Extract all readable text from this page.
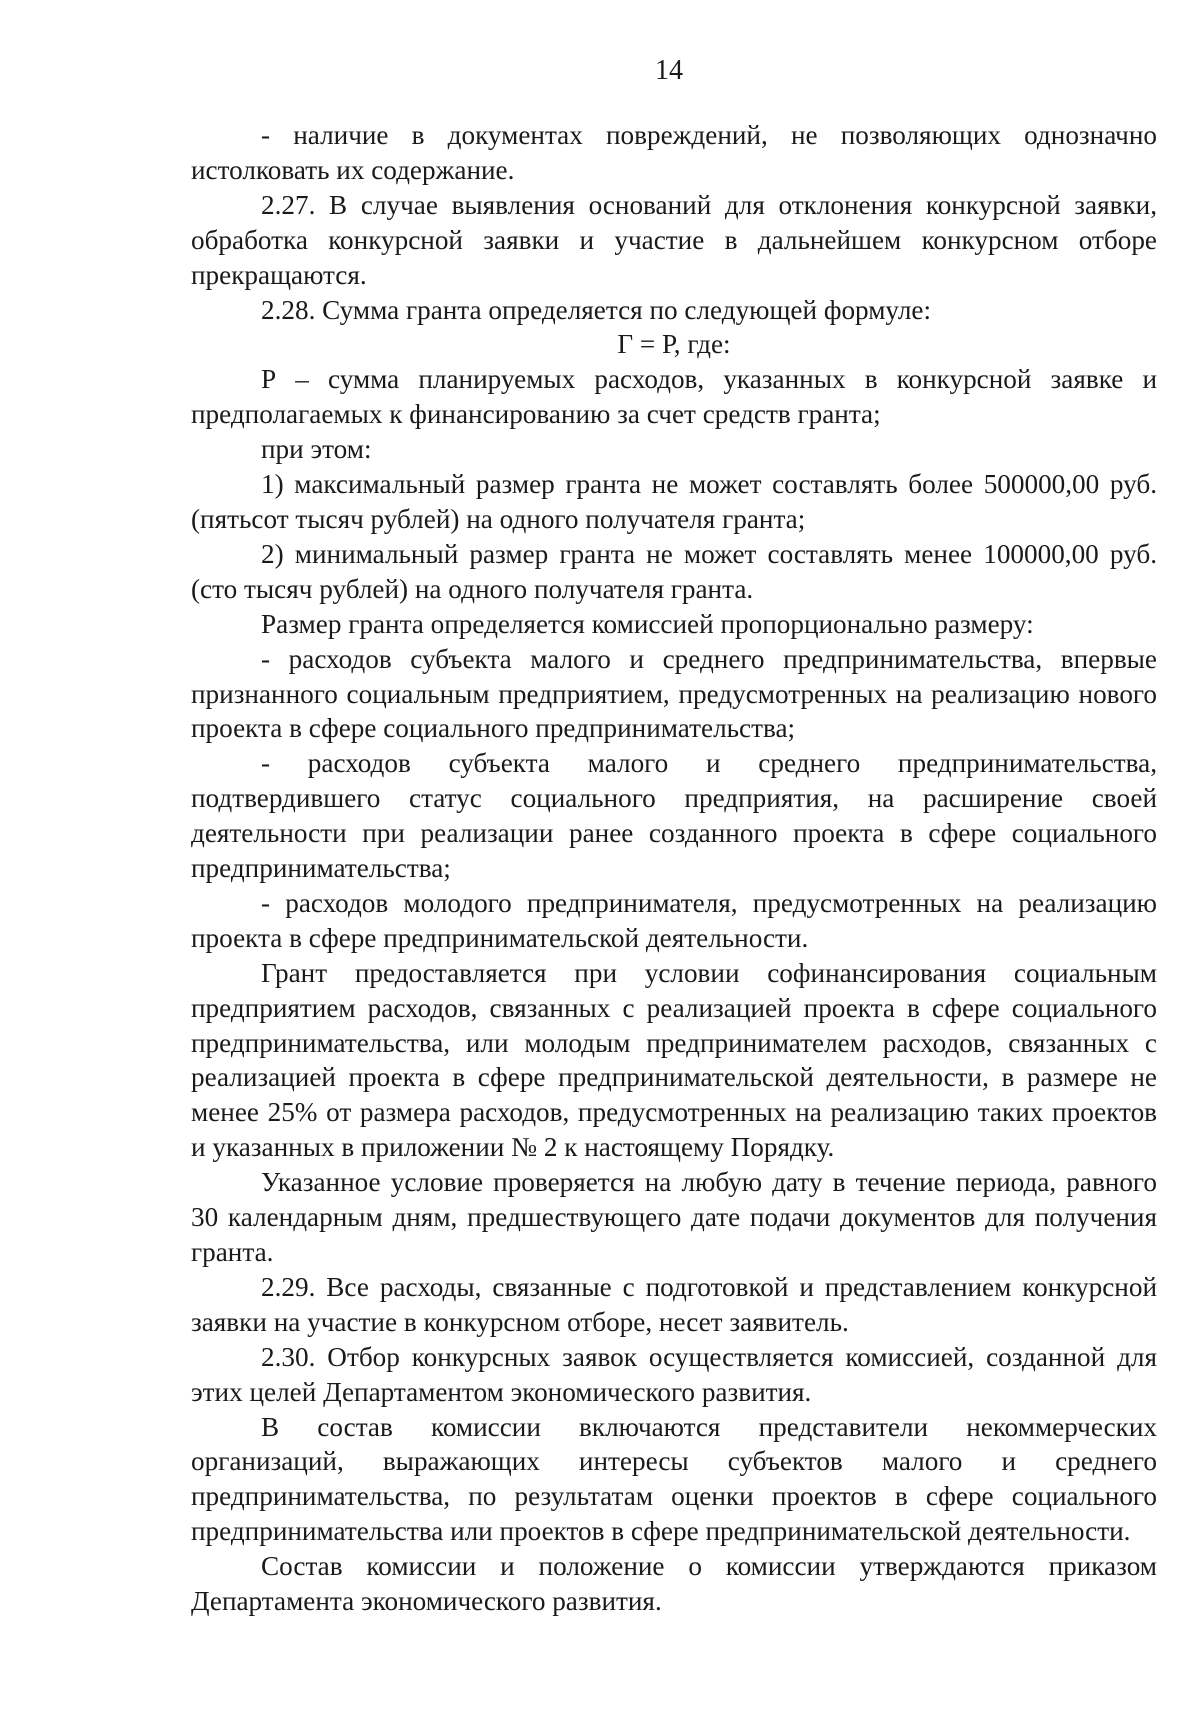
14

- наличие в документах повреждений, не позволяющих однозначно истолковать их содержание.

2.27. В случае выявления оснований для отклонения конкурсной заявки, обработка конкурсной заявки и участие в дальнейшем конкурсном отборе прекращаются.

2.28. Сумма гранта определяется по следующей формуле:

Г = Р, где:

Р – сумма планируемых расходов, указанных в конкурсной заявке и предполагаемых к финансированию за счет средств гранта;

при этом:

1) максимальный размер гранта не может составлять более 500000,00 руб. (пятьсот тысяч рублей) на одного получателя гранта;

2) минимальный размер гранта не может составлять менее 100000,00 руб. (сто тысяч рублей) на одного получателя гранта.

Размер гранта определяется комиссией пропорционально размеру:

- расходов субъекта малого и среднего предпринимательства, впервые признанного социальным предприятием, предусмотренных на реализацию нового проекта в сфере социального предпринимательства;

- расходов субъекта малого и среднего предпринимательства, подтвердившего статус социального предприятия, на расширение своей деятельности при реализации ранее созданного проекта в сфере социального предпринимательства;

- расходов молодого предпринимателя, предусмотренных на реализацию проекта в сфере предпринимательской деятельности.

Грант предоставляется при условии софинансирования социальным предприятием расходов, связанных с реализацией проекта в сфере социального предпринимательства, или молодым предпринимателем расходов, связанных с реализацией проекта в сфере предпринимательской деятельности, в размере не менее 25% от размера расходов, предусмотренных на реализацию таких проектов и указанных в приложении № 2 к настоящему Порядку.

Указанное условие проверяется на любую дату в течение периода, равного 30 календарным дням, предшествующего дате подачи документов для получения гранта.

2.29. Все расходы, связанные с подготовкой и представлением конкурсной заявки на участие в конкурсном отборе, несет заявитель.

2.30. Отбор конкурсных заявок осуществляется комиссией, созданной для этих целей Департаментом экономического развития.

В состав комиссии включаются представители некоммерческих организаций, выражающих интересы субъектов малого и среднего предпринимательства, по результатам оценки проектов в сфере социального предпринимательства или проектов в сфере предпринимательской деятельности.

Состав комиссии и положение о комиссии утверждаются приказом Департамента экономического развития.
